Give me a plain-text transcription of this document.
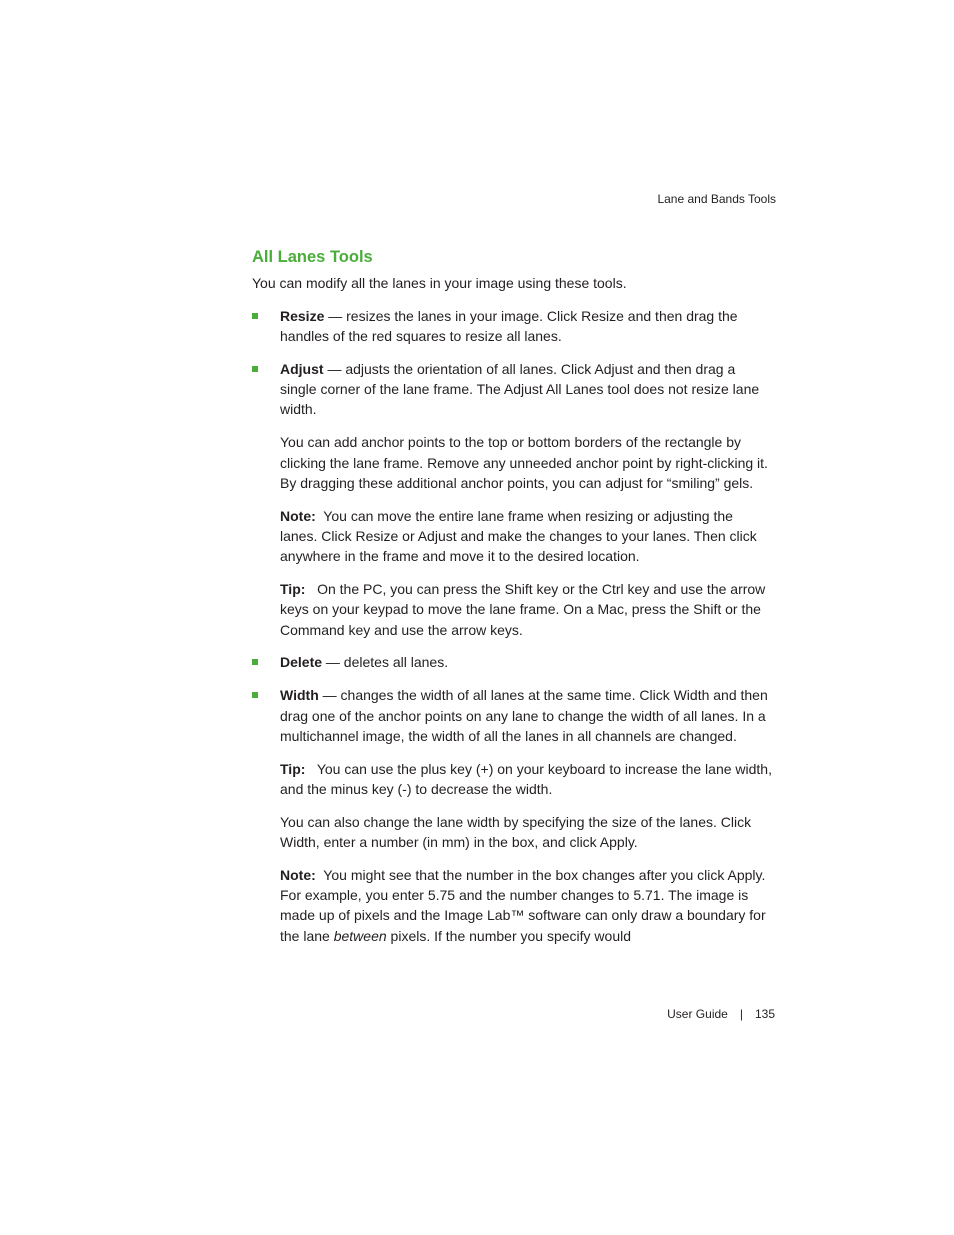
Lane and Bands Tools
All Lanes Tools

You can modify all the lanes in your image using these tools.

Resize — resizes the lanes in your image. Click Resize and then drag the handles of the red squares to resize all lanes.

Adjust — adjusts the orientation of all lanes. Click Adjust and then drag a single corner of the lane frame. The Adjust All Lanes tool does not resize lane width.

You can add anchor points to the top or bottom borders of the rectangle by clicking the lane frame. Remove any unneeded anchor point by right-clicking it. By dragging these additional anchor points, you can adjust for “smiling” gels.

Note:  You can move the entire lane frame when resizing or adjusting the lanes. Click Resize or Adjust and make the changes to your lanes. Then click anywhere in the frame and move it to the desired location.

Tip:   On the PC, you can press the Shift key or the Ctrl key and use the arrow keys on your keypad to move the lane frame. On a Mac, press the Shift or the Command key and use the arrow keys.

Delete — deletes all lanes.

Width — changes the width of all lanes at the same time. Click Width and then drag one of the anchor points on any lane to change the width of all lanes. In a multichannel image, the width of all the lanes in all channels are changed.

Tip:   You can use the plus key (+) on your keyboard to increase the lane width, and the minus key (-) to decrease the width.

You can also change the lane width by specifying the size of the lanes. Click Width, enter a number (in mm) in the box, and click Apply.

Note:  You might see that the number in the box changes after you click Apply. For example, you enter 5.75 and the number changes to 5.71. The image is made up of pixels and the Image Lab™ software can only draw a boundary for the lane between pixels. If the number you specify would

User Guide | 135
